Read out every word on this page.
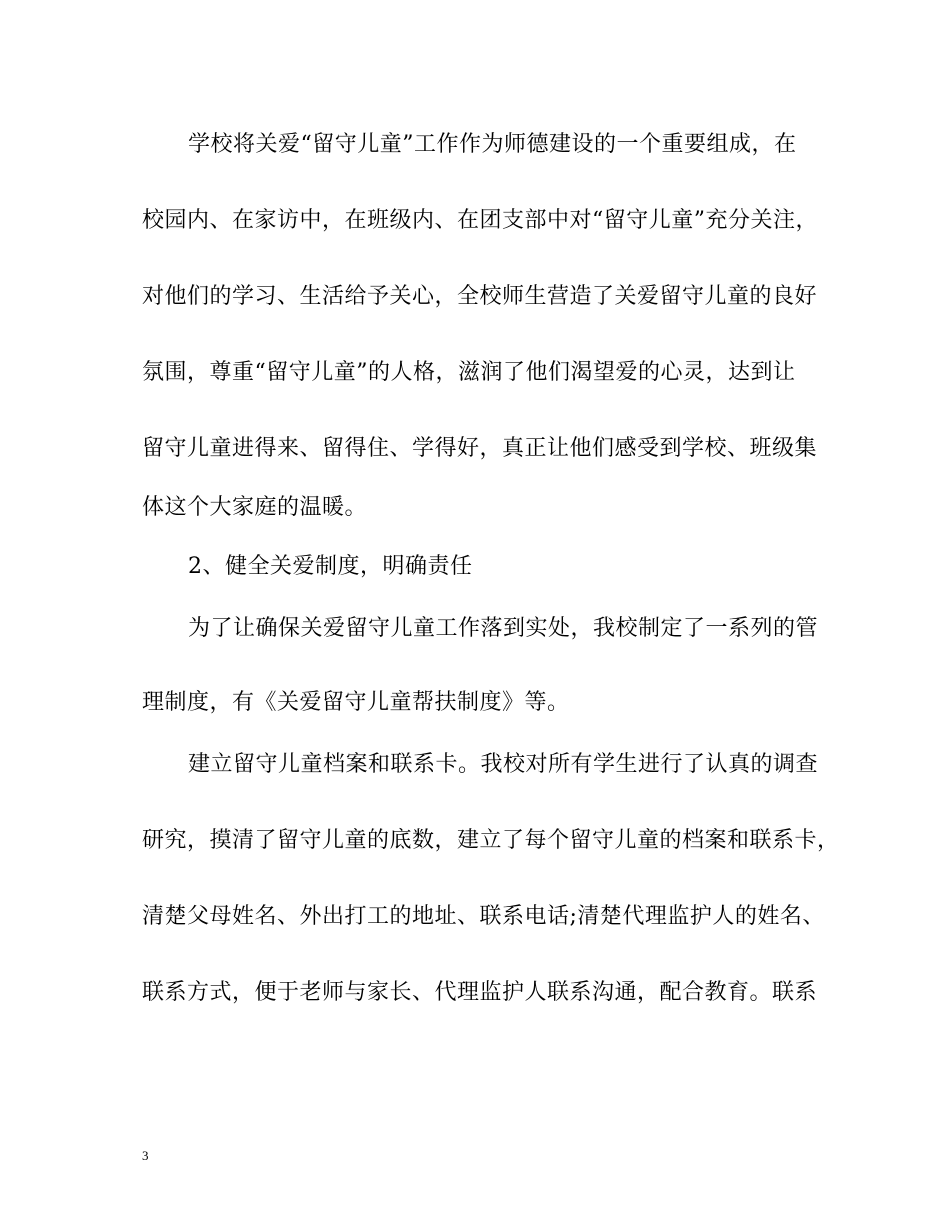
学校将关爱“留守儿童”工作作为师德建设的一个重要组成，在
校园内、在家访中，在班级内、在团支部中对“留守儿童”充分关注，
对他们的学习、生活给予关心，全校师生营造了关爱留守儿童的良好
氛围，尊重“留守儿童”的人格，滋润了他们渴望爱的心灵，达到让
留守儿童进得来、留得住、学得好，真正让他们感受到学校、班级集
体这个大家庭的温暖。
2、健全关爱制度，明确责任
为了让确保关爱留守儿童工作落到实处，我校制定了一系列的管
理制度，有《关爱留守儿童帮扶制度》等。
建立留守儿童档案和联系卡。我校对所有学生进行了认真的调查
研究，摸清了留守儿童的底数，建立了每个留守儿童的档案和联系卡，
清楚父母姓名、外出打工的地址、联系电话;清楚代理监护人的姓名、
联系方式，便于老师与家长、代理监护人联系沟通，配合教育。联系
3
